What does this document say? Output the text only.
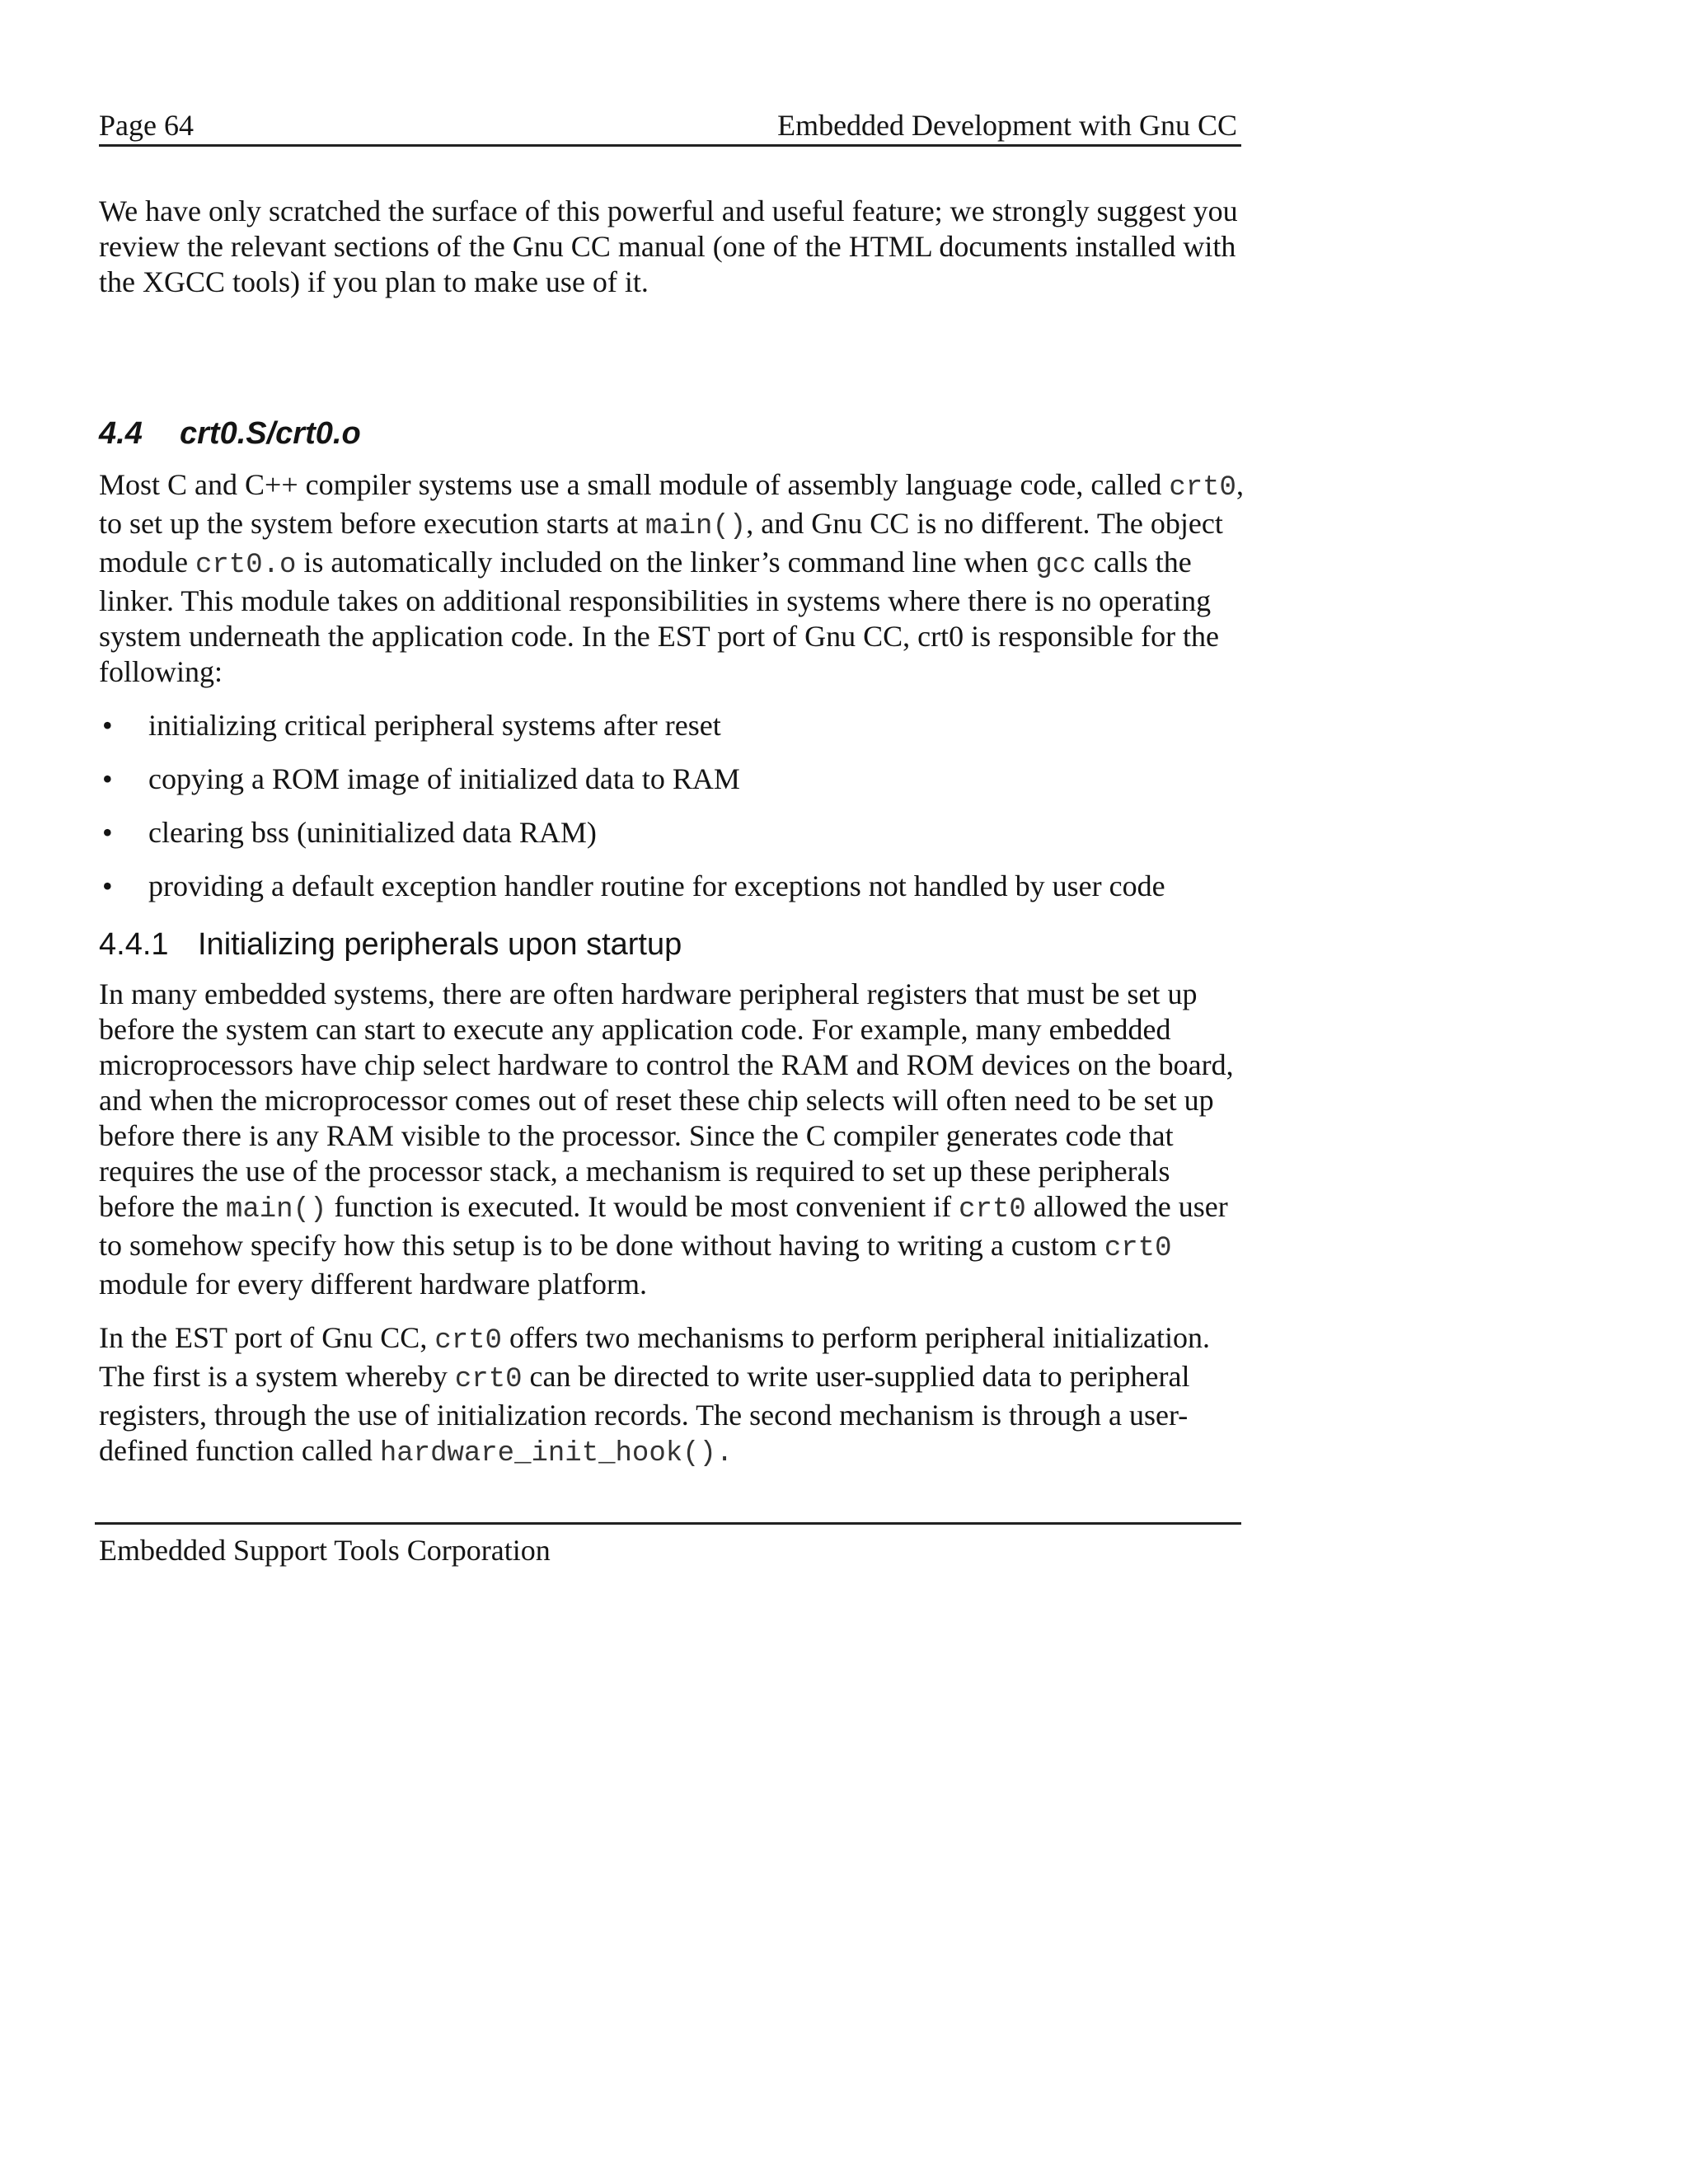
Page 64	Embedded Development with Gnu CC

We have only scratched the surface of this powerful and useful feature; we strongly suggest you review the relevant sections of the Gnu CC manual (one of the HTML documents installed with the XGCC tools) if you plan to make use of it.

4.4 crt0.S/crt0.o

Most C and C++ compiler systems use a small module of assembly language code, called crt0, to set up the system before execution starts at main(), and Gnu CC is no different. The object module crt0.o is automatically included on the linker’s command line when gcc calls the linker. This module takes on additional responsibilities in systems where there is no operating system underneath the application code. In the EST port of Gnu CC, crt0 is responsible for the following:

• initializing critical peripheral systems after reset
• copying a ROM image of initialized data to RAM
• clearing bss (uninitialized data RAM)
• providing a default exception handler routine for exceptions not handled by user code
4.4.1 Initializing peripherals upon startup

In many embedded systems, there are often hardware peripheral registers that must be set up before the system can start to execute any application code. For example, many embedded microprocessors have chip select hardware to control the RAM and ROM devices on the board, and when the microprocessor comes out of reset these chip selects will often need to be set up before there is any RAM visible to the processor. Since the C compiler generates code that requires the use of the processor stack, a mechanism is required to set up these peripherals before the main() function is executed. It would be most convenient if crt0 allowed the user to somehow specify how this setup is to be done without having to writing a custom crt0 module for every different hardware platform.

In the EST port of Gnu CC, crt0 offers two mechanisms to perform peripheral initialization. The first is a system whereby crt0 can be directed to write user-supplied data to peripheral registers, through the use of initialization records. The second mechanism is through a user-defined function called hardware_init_hook().

Embedded Support Tools Corporation
